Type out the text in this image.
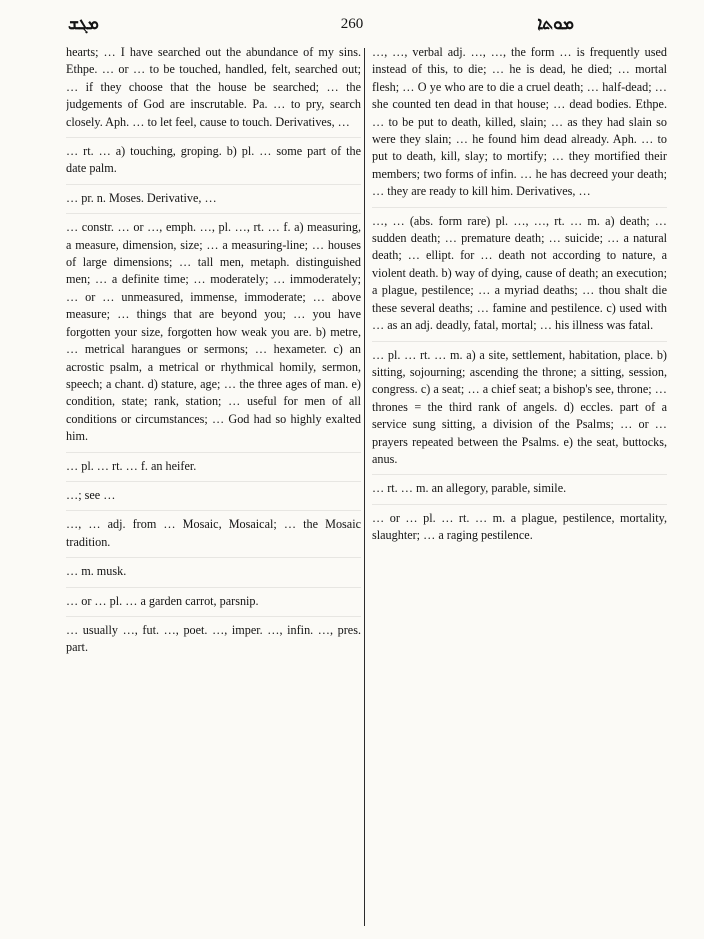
ܡܓܫ	260	ܡܘܬܐ
hearts; … I have searched out the abundance of my sins. Ethpe. … or … to be touched, handled, felt, searched out; … if they choose that the house be searched; … the judgements of God are inscrutable. Pa. … to pry, search closely. Aph. … to let feel, cause to touch. Derivatives, …
… rt. … a) touching, groping. b) pl. … some part of the date palm.
… pr. n. Moses. Derivative, …
… constr. … or …, emph. …, pl. …, rt. … f. a) measuring, a measure, dimension, size; … a measuring-line; … houses of large dimensions; … tall men, metaph. distinguished men; … a definite time; … moderately; … immoderately; … or … unmeasured, immense, immoderate; … above measure; … things that are beyond you; … you have forgotten your size, forgotten how weak you are. b) metre, … metrical harangues or sermons; … hexameter. c) an acrostic psalm, a metrical or rhythmical homily, sermon, speech; a chant. d) stature, age; … the three ages of man. e) condition, state; rank, station; … useful for men of all conditions or circumstances; … God had so highly exalted him.
… pl. … rt. … f. an heifer.
…; see …
…, … adj. from … Mosaic, Mosaical; … the Mosaic tradition.
… m. musk.
… or … pl. … a garden carrot, parsnip.
… usually …, fut. …, poet. …, imper. …, infin. …, pres. part.
…, …, verbal adj. …, …, the form … is frequently used instead of this, to die; … he is dead, he died; … mortal flesh; … O ye who are to die a cruel death; … half-dead; … she counted ten dead in that house; … dead bodies. Ethpe. … to be put to death, killed, slain; … as they had slain so were they slain; … he found him dead already. Aph. … to put to death, kill, slay; to mortify; … they mortified their members; two forms of infin. … he has decreed your death; … they are ready to kill him. Derivatives, …
…, … (abs. form rare) pl. …, …, rt. … m. a) death; … sudden death; … premature death; … suicide; … a natural death; … ellipt. for … death not according to nature, a violent death. b) way of dying, cause of death; an execution; a plague, pestilence; … a myriad deaths; … thou shalt die these several deaths; … famine and pestilence. c) used with … as an adj. deadly, fatal, mortal; … his illness was fatal.
… pl. … rt. … m. a) a site, settlement, habitation, place. b) sitting, sojourning; ascending the throne; a sitting, session, congress. c) a seat; … a chief seat; a bishop's see, throne; … thrones = the third rank of angels. d) eccles. part of a service sung sitting, a division of the Psalms; … or … prayers repeated between the Psalms. e) the seat, buttocks, anus.
… rt. … m. an allegory, parable, simile.
… or … pl. … rt. … m. a plague, pestilence, mortality, slaughter; … a raging pestilence.
